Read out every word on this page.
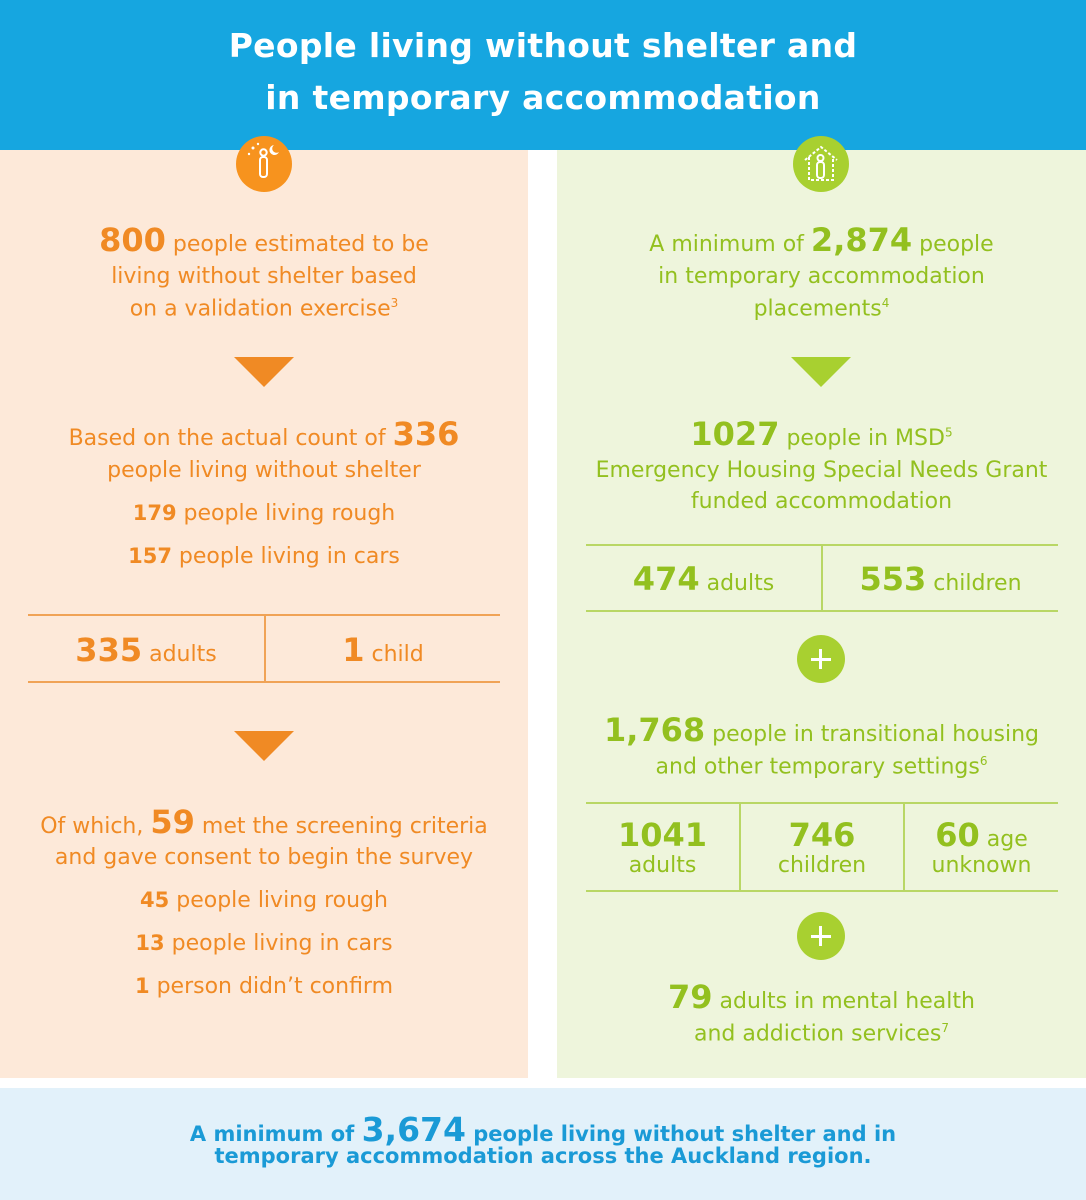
People living without shelter and
in temporary accommodation
800 people estimated to be
living without shelter based
on a validation exercise$^3$
Based on the actual count of 336
people living without shelter
179 people living rough
157 people living in cars
335 adults	1 child
Of which, 59 met the screening criteria
and gave consent to begin the survey
45 people living rough
13 people living in cars
1 person didn’t confirm
A minimum of 2,874 people
in temporary accommodation
placements$^4$
1027 people in MSD$^5$
Emergency Housing Special Needs Grant
funded accommodation
474 adults	553 children
1,768 people in transitional housing
and other temporary settings$^6$
1041
adults
746
children
60 age
unknown
79 adults in mental health
and addiction services$^7$
A minimum of 3,674 people living without shelter and in
temporary accommodation across the Auckland region.
